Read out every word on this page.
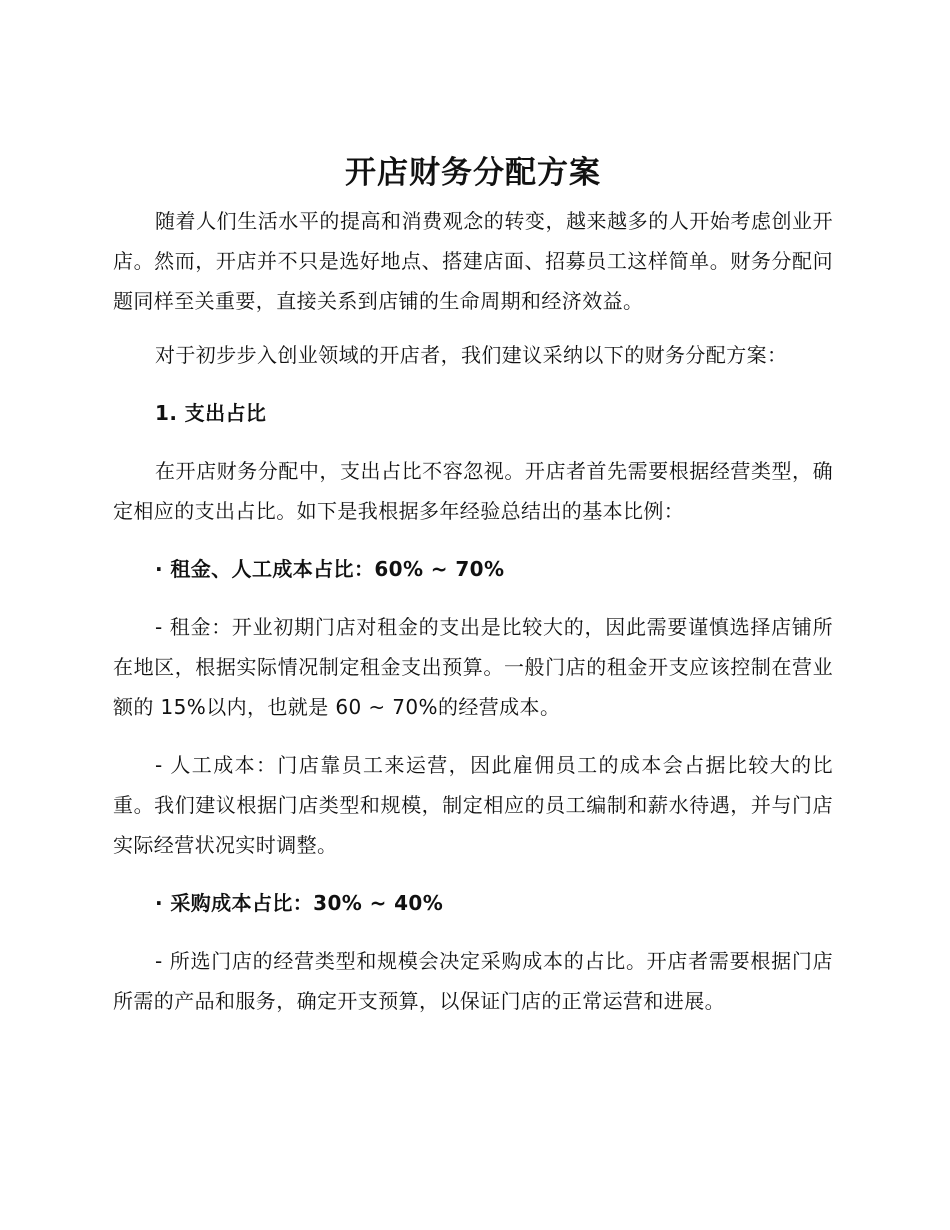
开店财务分配方案

随着人们生活水平的提高和消费观念的转变，越来越多的人开始考虑创业开店。然而，开店并不只是选好地点、搭建店面、招募员工这样简单。财务分配问题同样至关重要，直接关系到店铺的生命周期和经济效益。

对于初步步入创业领域的开店者，我们建议采纳以下的财务分配方案：

1. 支出占比

在开店财务分配中，支出占比不容忽视。开店者首先需要根据经营类型，确定相应的支出占比。如下是我根据多年经验总结出的基本比例：

· 租金、人工成本占比：60% ~ 70%

- 租金：开业初期门店对租金的支出是比较大的，因此需要谨慎选择店铺所在地区，根据实际情况制定租金支出预算。一般门店的租金开支应该控制在营业额的 15%以内，也就是 60 ~ 70%的经营成本。

- 人工成本：门店靠员工来运营，因此雇佣员工的成本会占据比较大的比重。我们建议根据门店类型和规模，制定相应的员工编制和薪水待遇，并与门店实际经营状况实时调整。

· 采购成本占比：30% ~ 40%

- 所选门店的经营类型和规模会决定采购成本的占比。开店者需要根据门店所需的产品和服务，确定开支预算，以保证门店的正常运营和进展。
